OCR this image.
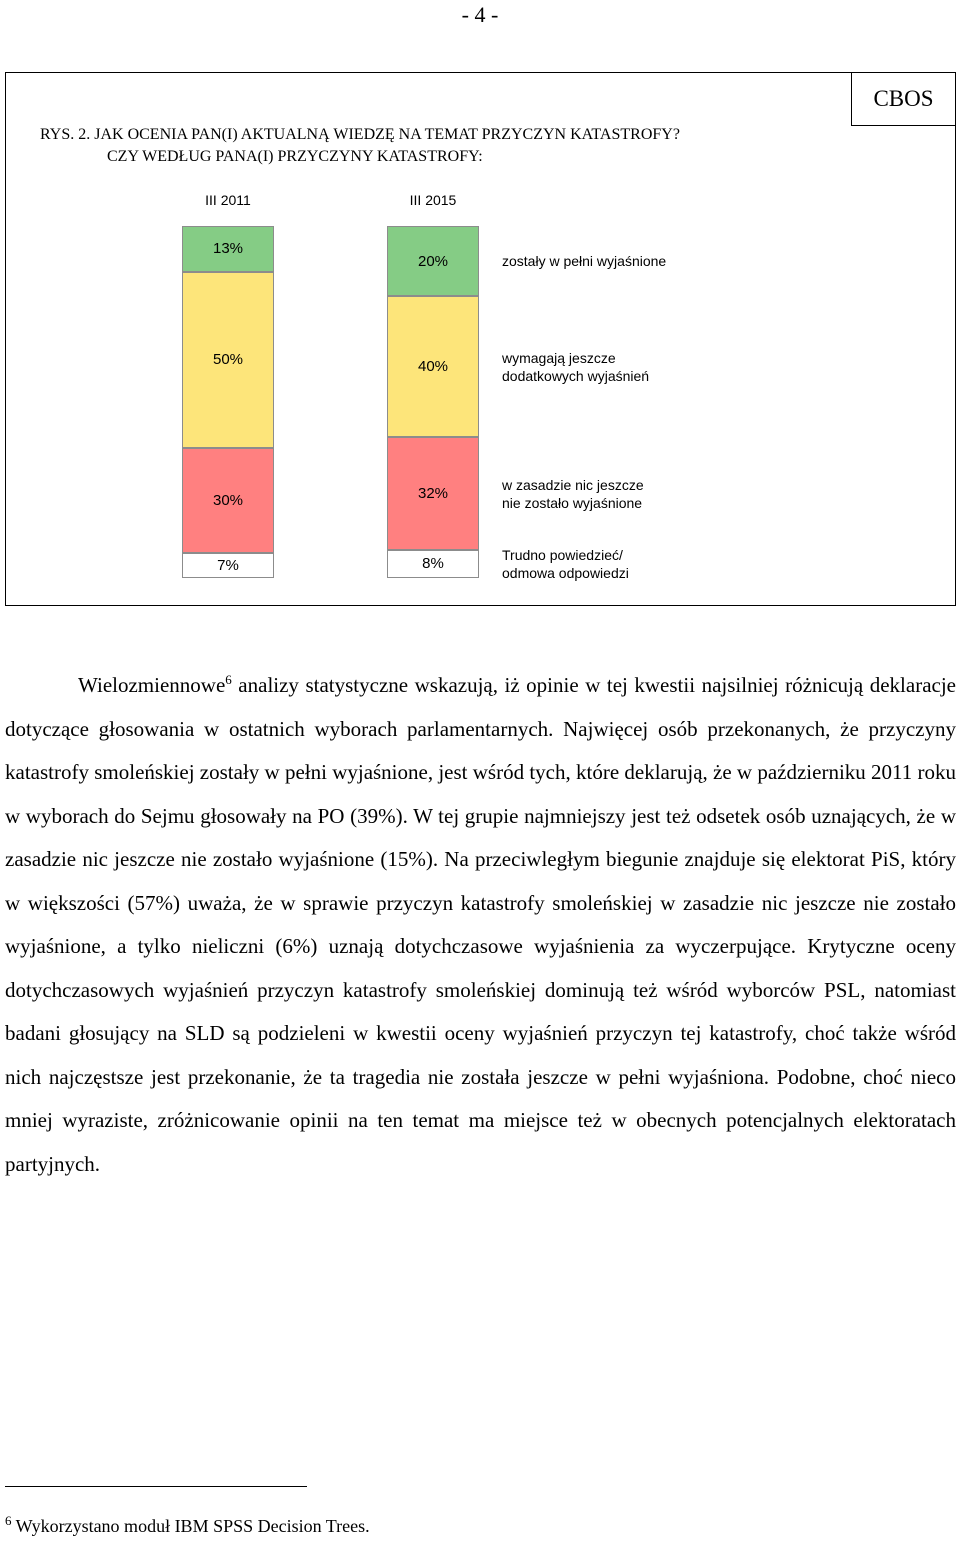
- 4 -
CBOS
RYS. 2. JAK OCENIA PAN(I) AKTUALNĄ WIEDZĘ NA TEMAT PRZYCZYN KATASTROFY?
CZY WEDŁUG PANA(I) PRZYCZYNY KATASTROFY:
III 2011
13%
50%
30%
7%
III 2015
20%
40%
32%
8%
zostały w pełni wyjaśnione
wymagają jeszcze
dodatkowych wyjaśnień
w zasadzie nic jeszcze
nie zostało wyjaśnione
Trudno powiedzieć/
odmowa odpowiedzi

Wielozmiennowe$^6$ analizy statystyczne wskazują, iż opinie w tej kwestii najsilniej różnicują deklaracje dotyczące głosowania w ostatnich wyborach parlamentarnych. Najwięcej osób przekonanych, że przyczyny katastrofy smoleńskiej zostały w pełni wyjaśnione, jest wśród tych, które deklarują, że w październiku 2011 roku w wyborach do Sejmu głosowały na PO (39%). W tej grupie najmniejszy jest też odsetek osób uznających, że w zasadzie nic jeszcze nie zostało wyjaśnione (15%). Na przeciwległym biegunie znajduje się elektorat PiS, który w większości (57%) uważa, że w sprawie przyczyn katastrofy smoleńskiej w zasadzie nic jeszcze nie zostało wyjaśnione, a tylko nieliczni (6%) uznają dotychczasowe wyjaśnienia za wyczerpujące. Krytyczne oceny dotychczasowych wyjaśnień przyczyn katastrofy smoleńskiej dominują też wśród wyborców PSL, natomiast badani głosujący na SLD są podzieleni w kwestii oceny wyjaśnień przyczyn tej katastrofy, choć także wśród nich najczęstsze jest przekonanie, że ta tragedia nie została jeszcze w pełni wyjaśniona. Podobne, choć nieco mniej wyraziste, zróżnicowanie opinii na ten temat ma miejsce też w obecnych potencjalnych elektoratach partyjnych.

$^6$ Wykorzystano moduł IBM SPSS Decision Trees.
